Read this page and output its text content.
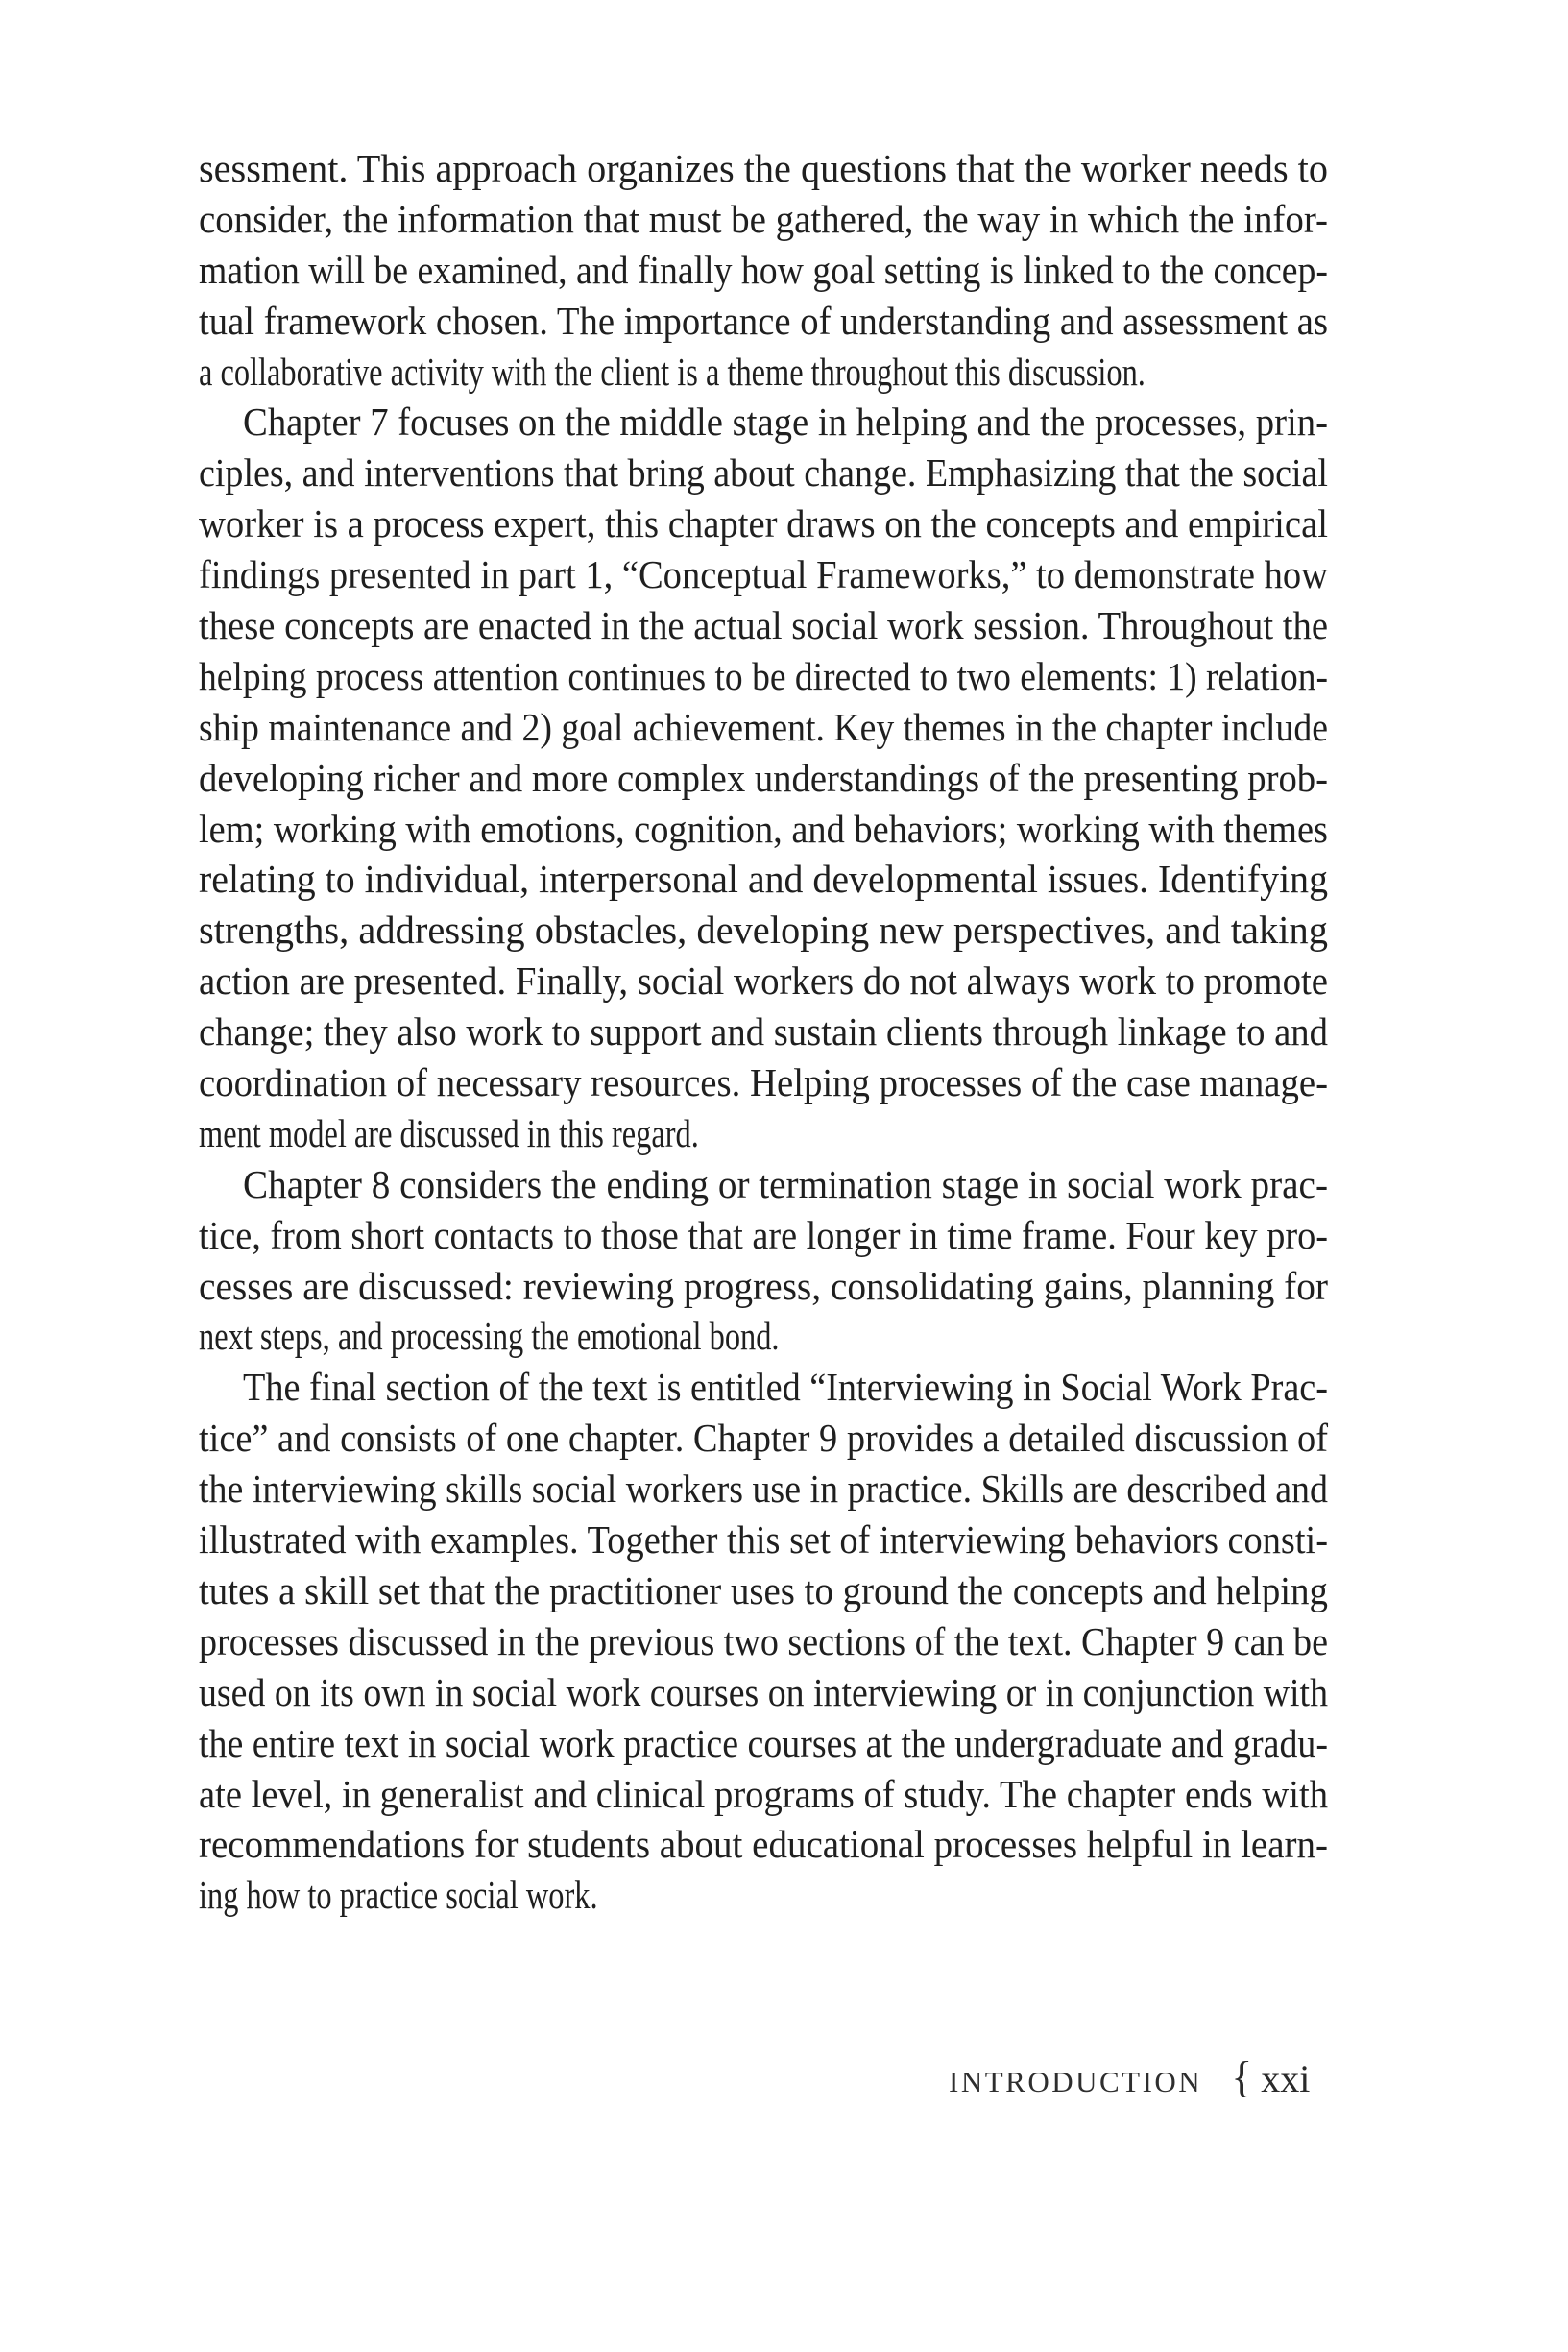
sessment. This approach organizes the questions that the worker needs to
consider, the information that must be gathered, the way in which the infor-
mation will be examined, and finally how goal setting is linked to the concep-
tual framework chosen. The importance of understanding and assessment as
a collaborative activity with the client is a theme throughout this discussion.

Chapter 7 focuses on the middle stage in helping and the processes, prin-
ciples, and interventions that bring about change. Emphasizing that the social
worker is a process expert, this chapter draws on the concepts and empirical
findings presented in part 1, “Conceptual Frameworks,” to demonstrate how
these concepts are enacted in the actual social work session. Throughout the
helping process attention continues to be directed to two elements: 1) relation-
ship maintenance and 2) goal achievement. Key themes in the chapter include
developing richer and more complex understandings of the presenting prob-
lem; working with emotions, cognition, and behaviors; working with themes
relating to individual, interpersonal and developmental issues. Identifying
strengths, addressing obstacles, developing new perspectives, and taking
action are presented. Finally, social workers do not always work to promote
change; they also work to support and sustain clients through linkage to and
coordination of necessary resources. Helping processes of the case manage-
ment model are discussed in this regard.

Chapter 8 considers the ending or termination stage in social work prac-
tice, from short contacts to those that are longer in time frame. Four key pro-
cesses are discussed: reviewing progress, consolidating gains, planning for
next steps, and processing the emotional bond.

The final section of the text is entitled “Interviewing in Social Work Prac-
tice” and consists of one chapter. Chapter 9 provides a detailed discussion of
the interviewing skills social workers use in practice. Skills are described and
illustrated with examples. Together this set of interviewing behaviors consti-
tutes a skill set that the practitioner uses to ground the concepts and helping
processes discussed in the previous two sections of the text. Chapter 9 can be
used on its own in social work courses on interviewing or in conjunction with
the entire text in social work practice courses at the undergraduate and gradu-
ate level, in generalist and clinical programs of study. The chapter ends with
recommendations for students about educational processes helpful in learn-
ing how to practice social work.

INTRODUCTION { xxi
